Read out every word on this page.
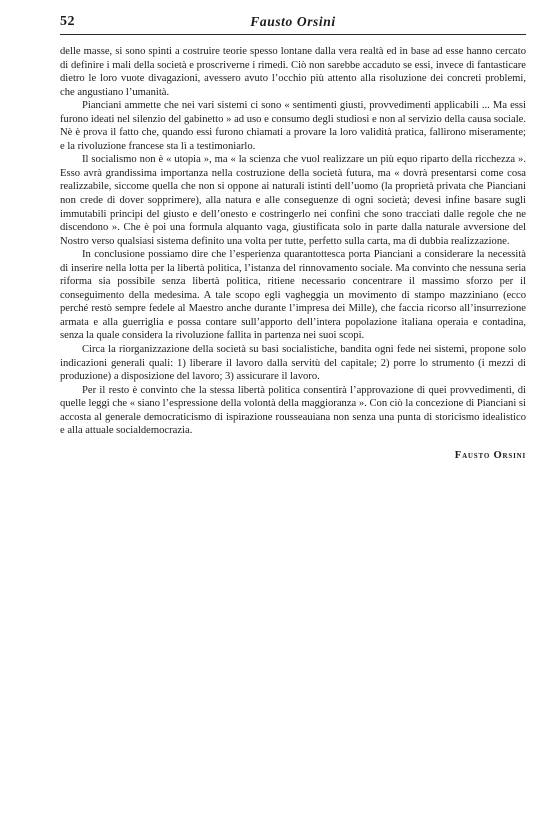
52	Fausto Orsini

delle masse, si sono spinti a costruire teorie spesso lontane dalla vera realtà ed in base ad esse hanno cercato di definire i mali della società e proscriverne i rimedi. Ciò non sarebbe accaduto se essi, invece di fantasticare dietro le loro vuote divagazioni, avessero avuto l’occhio più attento alla risoluzione dei concreti problemi, che angustiano l’umanità.

Pianciani ammette che nei vari sistemi ci sono « sentimenti giusti, provvedimenti applicabili ... Ma essi furono ideati nel silenzio del gabinetto » ad uso e consumo degli studiosi e non al servizio della causa sociale. Nè è prova il fatto che, quando essi furono chiamati a provare la loro validità pratica, fallirono miseramente; e la rivoluzione francese sta lì a testimoniarlo.

Il socialismo non è « utopia », ma « la scienza che vuol realizzare un più equo riparto della ricchezza ». Esso avrà grandissima importanza nella costruzione della società futura, ma « dovrà presentarsi come cosa realizzabile, siccome quella che non si oppone ai naturali istinti dell’uomo (la proprietà privata che Pianciani non crede di dover sopprimere), alla natura e alle conseguenze di ogni società; devesi infine basare sugli immutabili principi del giusto e dell’onesto e costringerlo nei confini che sono tracciati dalle regole che ne discendono ». Che è poi una formula alquanto vaga, giustificata solo in parte dalla naturale avversione del Nostro verso qualsiasi sistema definito una volta per tutte, perfetto sulla carta, ma di dubbia realizzazione.

In conclusione possiamo dire che l’esperienza quarantottesca porta Pianciani a considerare la necessità di inserire nella lotta per la libertà politica, l’istanza del rinnovamento sociale. Ma convinto che nessuna seria riforma sia possibile senza libertà politica, ritiene necessario concentrare il massimo sforzo per il conseguimento della medesima. A tale scopo egli vagheggia un movimento di stampo mazziniano (ecco perché restò sempre fedele al Maestro anche durante l’impresa dei Mille), che faccia ricorso all’insurrezione armata e alla guerriglia e possa contare sull’apporto dell’intera popolazione italiana operaia e contadina, senza la quale considera la rivoluzione fallita in partenza nei suoi scopi.

Circa la riorganizzazione della società su basi socialistiche, bandita ogni fede nei sistemi, propone solo indicazioni generali quali: 1) liberare il lavoro dalla servitù del capitale; 2) porre lo strumento (i mezzi di produzione) a disposizione del lavoro; 3) assicurare il lavoro.

Per il resto è convinto che la stessa libertà politica consentirà l’approvazione di quei provvedimenti, di quelle leggi che « siano l’espressione della volontà della maggioranza ». Con ciò la concezione di Pianciani si accosta al generale democraticismo di ispirazione rousseauiana non senza una punta di storicismo idealistico e alla attuale socialdemocrazia.

Fausto Orsini
